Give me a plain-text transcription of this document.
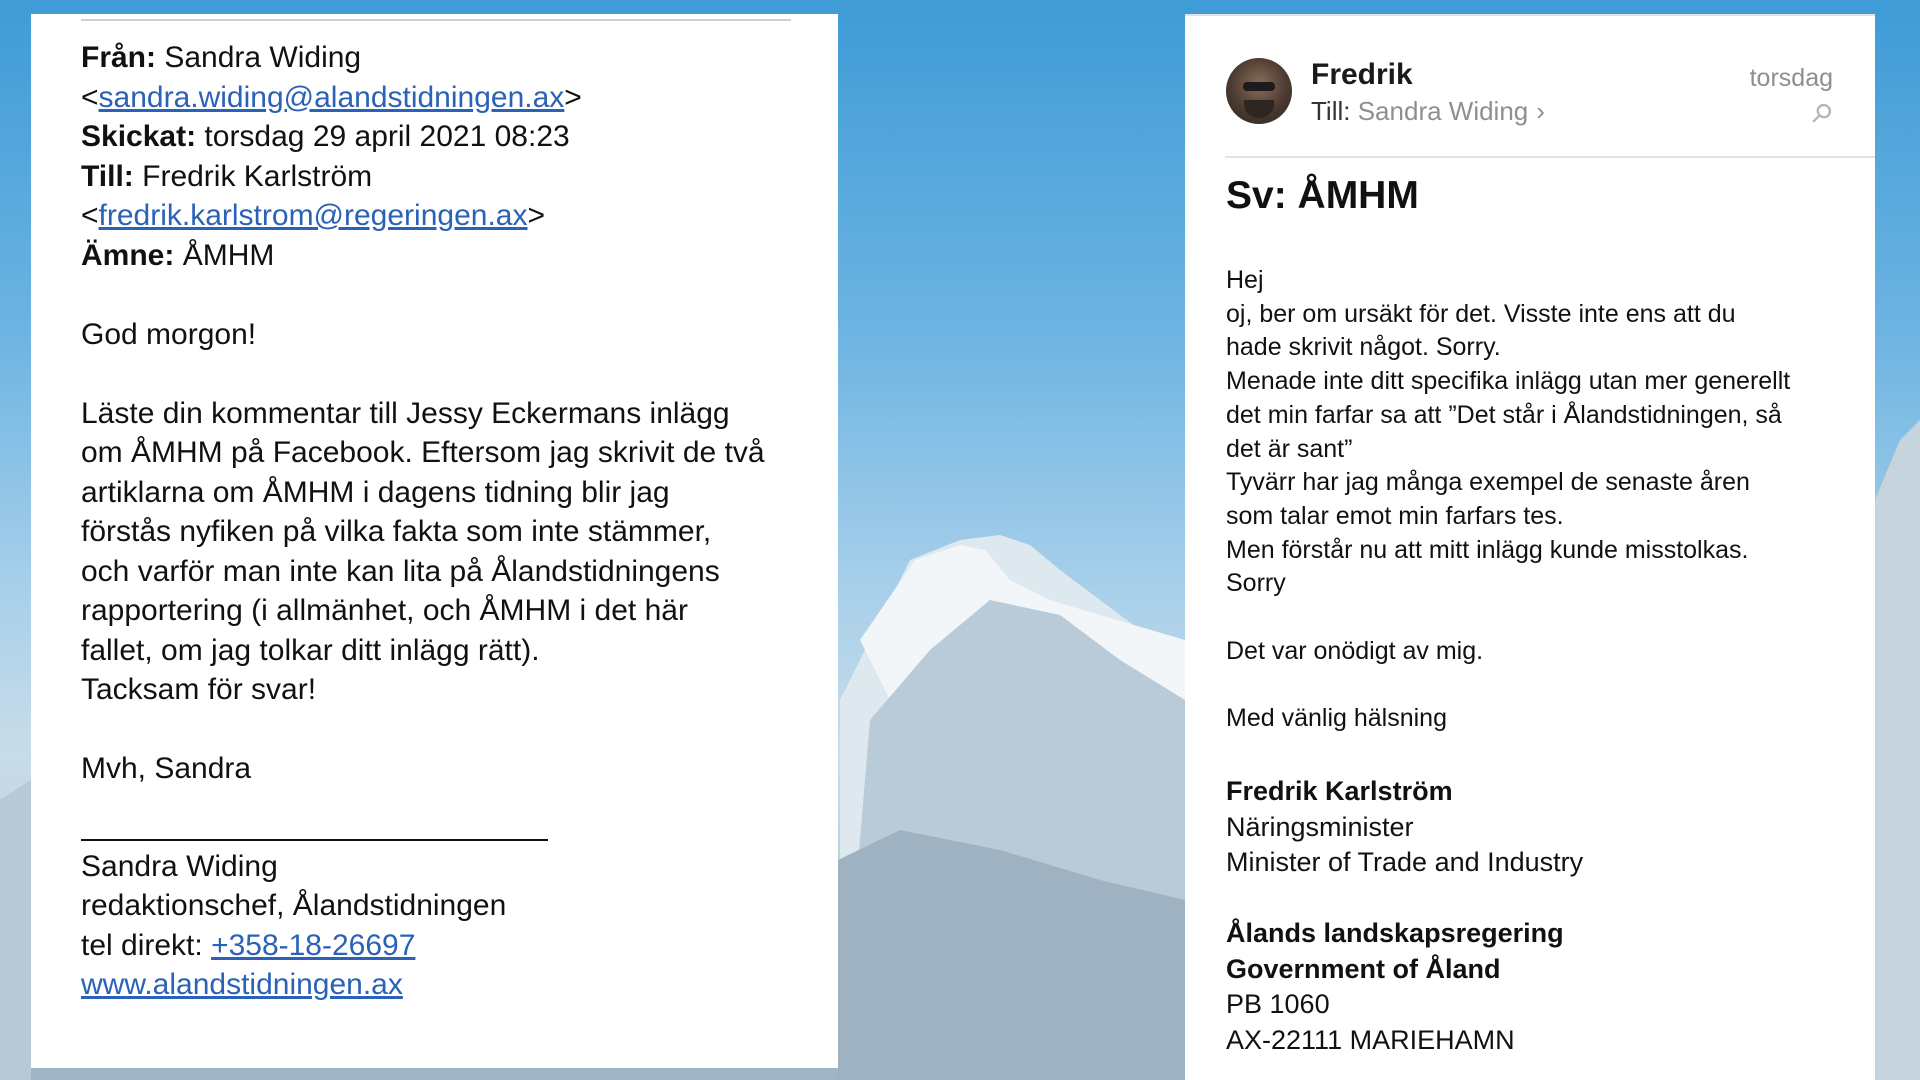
Från: Sandra Widing
<sandra.widing@alandstidningen.ax>
Skickat: torsdag 29 april 2021 08:23
Till: Fredrik Karlström
<fredrik.karlstrom@regeringen.ax>
Ämne: ÅMHM
God morgon!
Läste din kommentar till Jessy Eckermans inlägg
om ÅMHM på Facebook. Eftersom jag skrivit de två
artiklarna om ÅMHM i dagens tidning blir jag
förstås nyfiken på vilka fakta som inte stämmer,
och varför man inte kan lita på Ålandstidningens
rapportering (i allmänhet, och ÅMHM i det här
fallet, om jag tolkar ditt inlägg rätt).
Tacksam för svar!
Mvh, Sandra
Sandra Widing
redaktionschef, Ålandstidningen
tel direkt: +358-18-26697
www.alandstidningen.ax
Fredrik
Till: Sandra Widing ›
torsdag
⚲
Sv: ÅMHM
Hej
oj, ber om ursäkt för det. Visste inte ens att du
hade skrivit något. Sorry.
Menade inte ditt specifika inlägg utan mer generellt
det min farfar sa att ”Det står i Ålandstidningen, så
det är sant”
Tyvärr har jag många exempel de senaste åren
som talar emot min farfars tes.
Men förstår nu att mitt inlägg kunde misstolkas.
Sorry
Det var onödigt av mig.
Med vänlig hälsning
Fredrik Karlström
Näringsminister
Minister of Trade and Industry
Ålands landskapsregering
Government of Åland
PB 1060
AX-22111 MARIEHAMN
